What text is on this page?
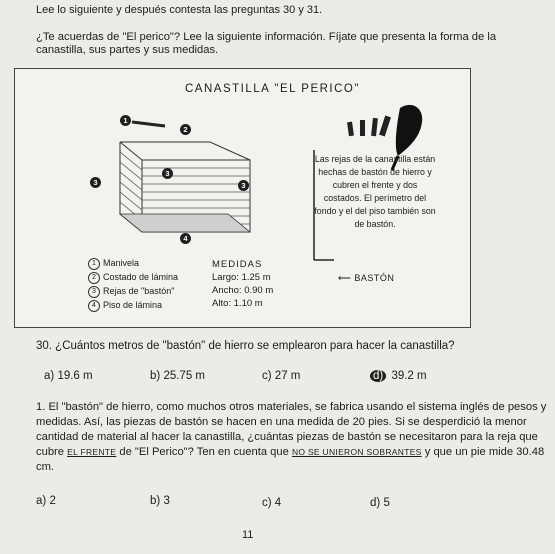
Lee lo siguiente y después contesta las preguntas 30 y 31.
¿Te acuerdas de "El perico"? Lee la siguiente información. Fíjate que presenta la forma de la canastilla, sus partes y sus medidas.
CANASTILLA "EL PERICO"
1
2
3
3
3
4
Las rejas de la canastilla están hechas de bastón de hierro y cubren el frente y dos costados. El perímetro del fondo y el del piso también son de bastón.
⟵ BASTÓN
1 Manivela
2 Costado de lámina
3 Rejas de "bastón"
4 Piso de lámina
MEDIDAS
Largo: 1.25 m
Ancho: 0.90 m
Alto: 1.10 m
30. ¿Cuántos metros de "bastón" de hierro se emplearon para hacer la canastilla?
a) 19.6 m	b) 25.75 m	c) 27 m	d) 39.2 m
1. El "bastón" de hierro, como muchos otros materiales, se fabrica usando el sistema inglés de pesos y medidas. Así, las piezas de bastón se hacen en una medida de 20 pies. Si se desperdició la menor cantidad de material al hacer la canastilla, ¿cuántas piezas de bastón se necesitaron para la reja que cubre EL FRENTE de "El Perico"? Ten en cuenta que NO SE UNIERON SOBRANTES y que un pie mide 30.48 cm.
a) 2	b) 3	c) 4	d) 5
11
